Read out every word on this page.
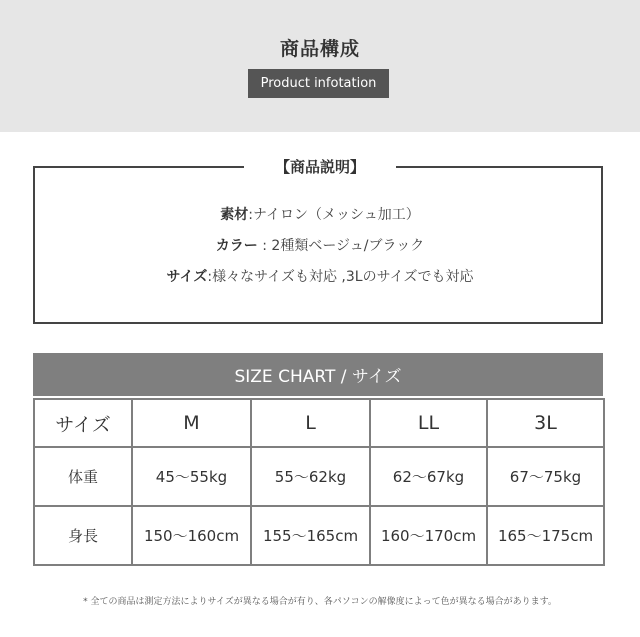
商品構成
Product infotation
【商品説明】
素材:ナイロン（メッシュ加工）
カラー : 2種類ベージュ/ブラック
サイズ:様々なサイズも対応 ,3Lのサイズでも対応
SIZE CHART / サイズ
サイズ	M	L	LL	3L
体重	45〜55kg	55〜62kg	62〜67kg	67〜75kg
身長	150〜160cm	155〜165cm	160〜170cm	165〜175cm
* 全ての商品は測定方法によりサイズが異なる場合が有り、各パソコンの解像度によって色が異なる場合があります。
